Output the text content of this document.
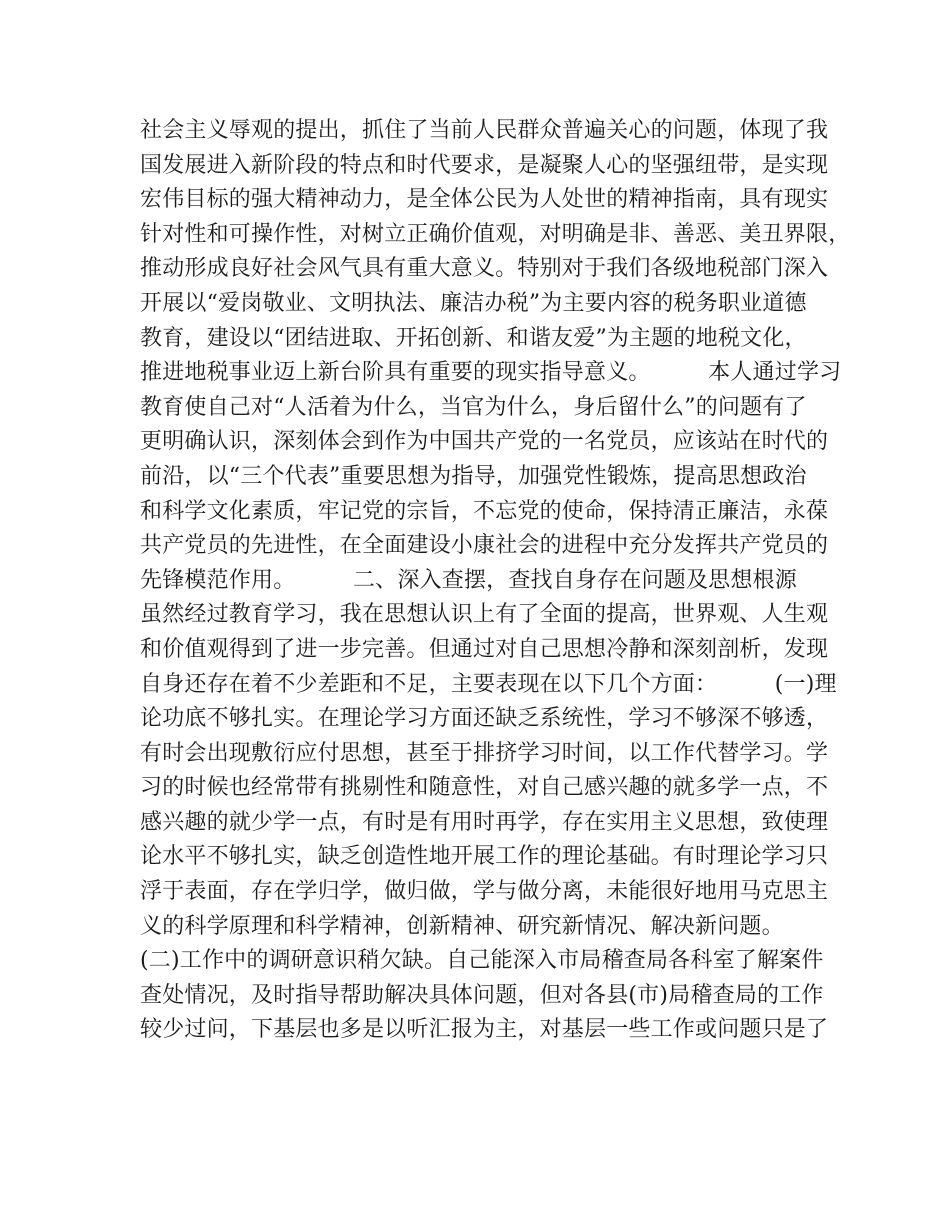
社会主义辱观的提出，抓住了当前人民群众普遍关心的问题，体现了我
国发展进入新阶段的特点和时代要求，是凝聚人心的坚强纽带，是实现
宏伟目标的强大精神动力，是全体公民为人处世的精神指南，具有现实
针对性和可操作性，对树立正确价值观，对明确是非、善恶、美丑界限，
推动形成良好社会风气具有重大意义。特别对于我们各级地税部门深入
开展以“爱岗敬业、文明执法、廉洁办税”为主要内容的税务职业道德
教育，建设以“团结进取、开拓创新、和谐友爱”为主题的地税文化，
推进地税事业迈上新台阶具有重要的现实指导意义。        本人通过学习
教育使自己对“人活着为什么，当官为什么，身后留什么”的问题有了
更明确认识，深刻体会到作为中国共产党的一名党员，应该站在时代的
前沿，以“三个代表”重要思想为指导，加强党性锻炼，提高思想政治
和科学文化素质，牢记党的宗旨，不忘党的使命，保持清正廉洁，永葆
共产党员的先进性，在全面建设小康社会的进程中充分发挥共产党员的
先锋模范作用。        二、深入查摆，查找自身存在问题及思想根源
虽然经过教育学习，我在思想认识上有了全面的提高，世界观、人生观
和价值观得到了进一步完善。但通过对自己思想冷静和深刻剖析，发现
自身还存在着不少差距和不足，主要表现在以下几个方面：        (一)理
论功底不够扎实。在理论学习方面还缺乏系统性，学习不够深不够透，
有时会出现敷衍应付思想，甚至于排挤学习时间，以工作代替学习。学
习的时候也经常带有挑剔性和随意性，对自己感兴趣的就多学一点，不
感兴趣的就少学一点，有时是有用时再学，存在实用主义思想，致使理
论水平不够扎实，缺乏创造性地开展工作的理论基础。有时理论学习只
浮于表面，存在学归学，做归做，学与做分离，未能很好地用马克思主
义的科学原理和科学精神，创新精神、研究新情况、解决新问题。
(二)工作中的调研意识稍欠缺。自己能深入市局稽查局各科室了解案件
查处情况，及时指导帮助解决具体问题，但对各县(市)局稽查局的工作
较少过问，下基层也多是以听汇报为主，对基层一些工作或问题只是了
